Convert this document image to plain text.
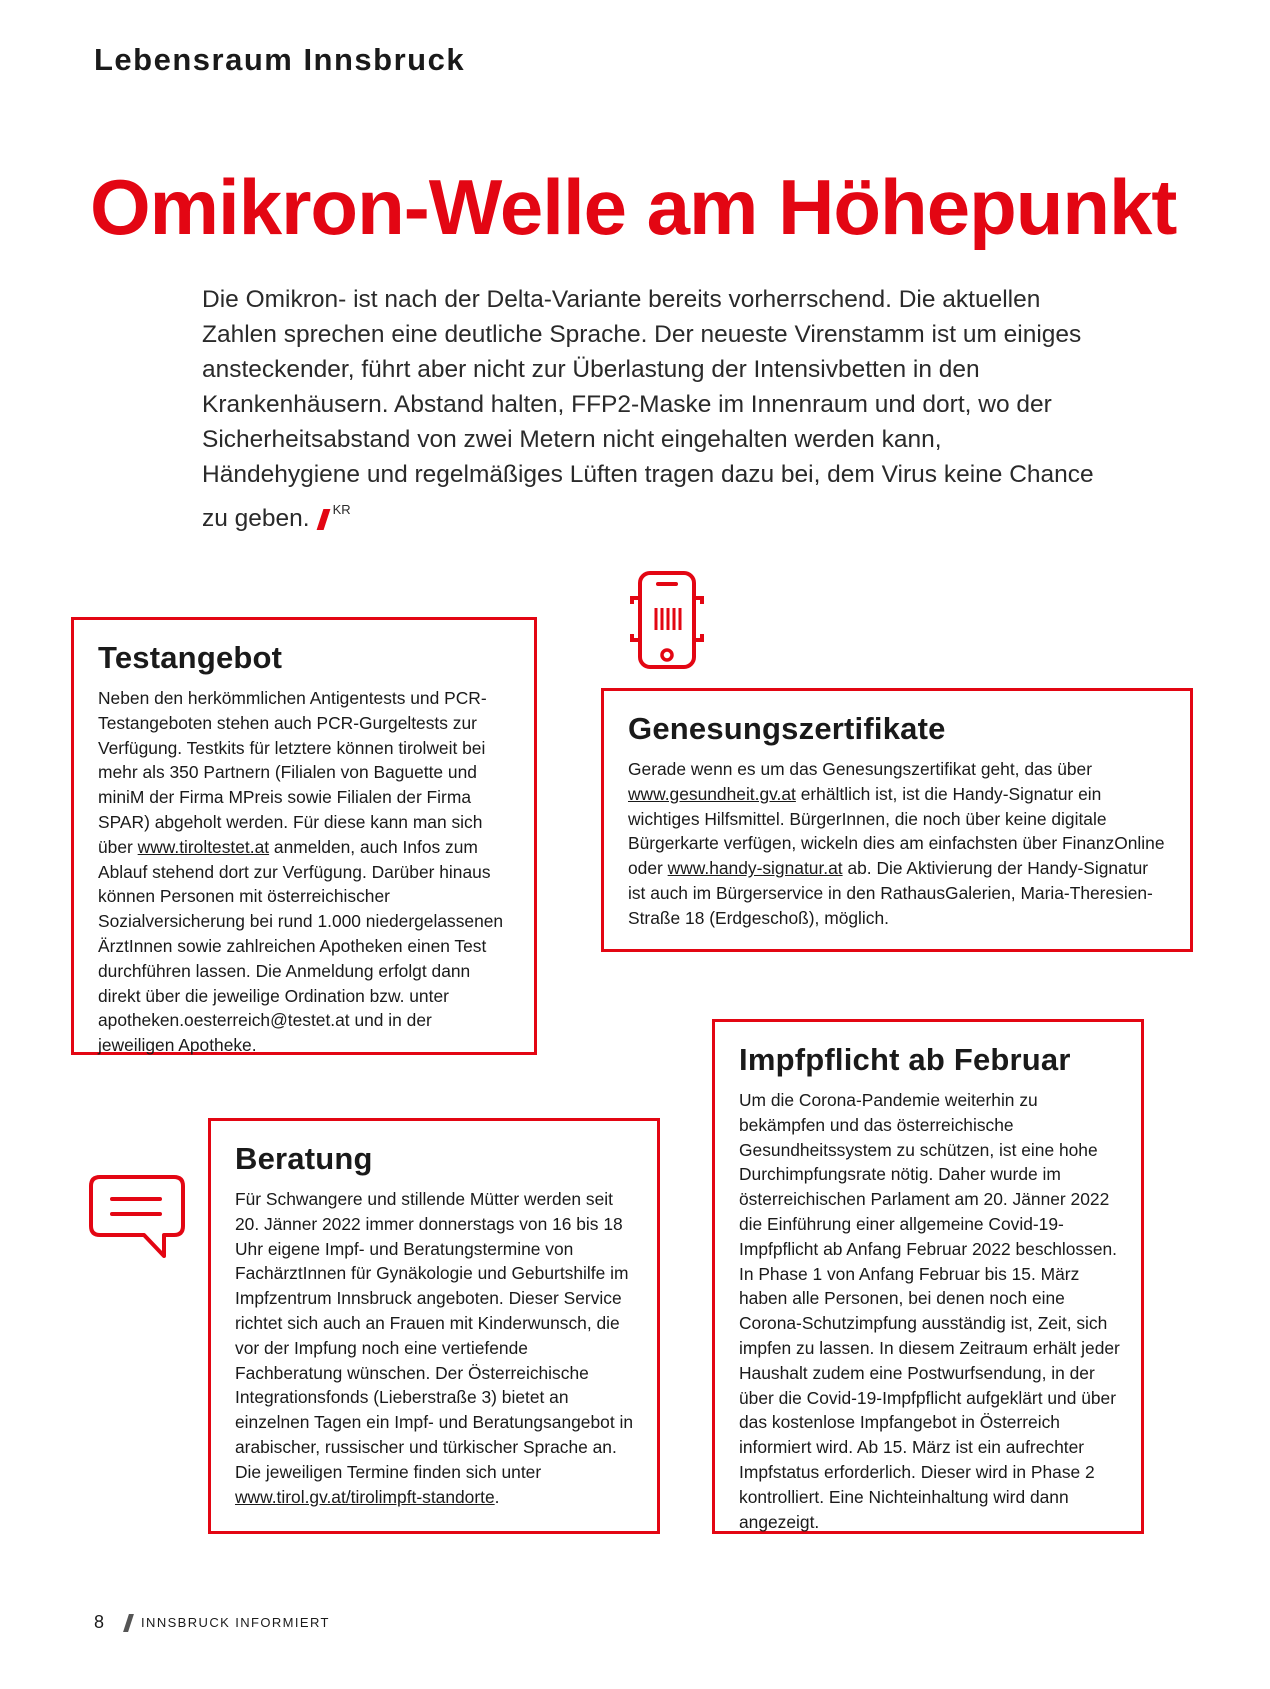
Lebensraum Innsbruck
Omikron-Welle am Höhepunkt

Die Omikron- ist nach der Delta-Variante bereits vorherrschend. Die aktuellen Zahlen sprechen eine deutliche Sprache. Der neueste Virenstamm ist um einiges ansteckender, führt aber nicht zur Überlastung der Intensivbetten in den Krankenhäusern. Abstand halten, FFP2-Maske im Innenraum und dort, wo der Sicherheitsabstand von zwei Metern nicht eingehalten werden kann, Händehygiene und regelmäßiges Lüften tragen dazu bei, dem Virus keine Chance zu geben. $^{KR}$

Testangebot
Neben den herkömmlichen Antigentests und PCR-Testangeboten stehen auch PCR-Gurgeltests zur Verfügung. Testkits für letztere können tirolweit bei mehr als 350 Partnern (Filialen von Baguette und miniM der Firma MPreis sowie Filialen der Firma SPAR) abgeholt werden. Für diese kann man sich über www.tiroltestet.at anmelden, auch Infos zum Ablauf stehend dort zur Verfügung. Darüber hinaus können Personen mit österreichischer Sozialversicherung bei rund 1.000 niedergelassenen ÄrztInnen sowie zahlreichen Apotheken einen Test durchführen lassen. Die Anmeldung erfolgt dann direkt über die jeweilige Ordination bzw. unter apotheken.oesterreich@testet.at und in der jeweiligen Apotheke.
Genesungszertifikate
Gerade wenn es um das Genesungszertifikat geht, das über www.gesundheit.gv.at erhältlich ist, ist die Handy-Signatur ein wichtiges Hilfsmittel. BürgerInnen, die noch über keine digitale Bürgerkarte verfügen, wickeln dies am einfachsten über FinanzOnline oder www.handy-signatur.at ab. Die Aktivierung der Handy-Signatur ist auch im Bürgerservice in den RathausGalerien, Maria-Theresien-Straße 18 (Erdgeschoß), möglich.
Impfpflicht ab Februar
Um die Corona-Pandemie weiterhin zu bekämpfen und das österreichische Gesundheitssystem zu schützen, ist eine hohe Durchimpfungsrate nötig. Daher wurde im österreichischen Parlament am 20. Jänner 2022 die Einführung einer allgemeine Covid-19-Impfpflicht ab Anfang Februar 2022 beschlossen. In Phase 1 von Anfang Februar bis 15. März haben alle Personen, bei denen noch eine Corona-Schutzimpfung ausständig ist, Zeit, sich impfen zu lassen. In diesem Zeitraum erhält jeder Haushalt zudem eine Postwurfsendung, in der über die Covid-19-Impfpflicht aufgeklärt und über das kostenlose Impfangebot in Österreich informiert wird. Ab 15. März ist ein aufrechter Impfstatus erforderlich. Dieser wird in Phase 2 kontrolliert. Eine Nichteinhaltung wird dann angezeigt.
Beratung
Für Schwangere und stillende Mütter werden seit 20. Jänner 2022 immer donnerstags von 16 bis 18 Uhr eigene Impf- und Beratungstermine von FachärztInnen für Gynäkologie und Geburtshilfe im Impfzentrum Innsbruck angeboten. Dieser Service richtet sich auch an Frauen mit Kinderwunsch, die vor der Impfung noch eine vertiefende Fachberatung wünschen. Der Österreichische Integrationsfonds (Lieberstraße 3) bietet an einzelnen Tagen ein Impf- und Beratungsangebot in arabischer, russischer und türkischer Sprache an. Die jeweiligen Termine finden sich unter www.tirol.gv.at/tirolimpft-standorte.
8	INNSBRUCK INFORMIERT
